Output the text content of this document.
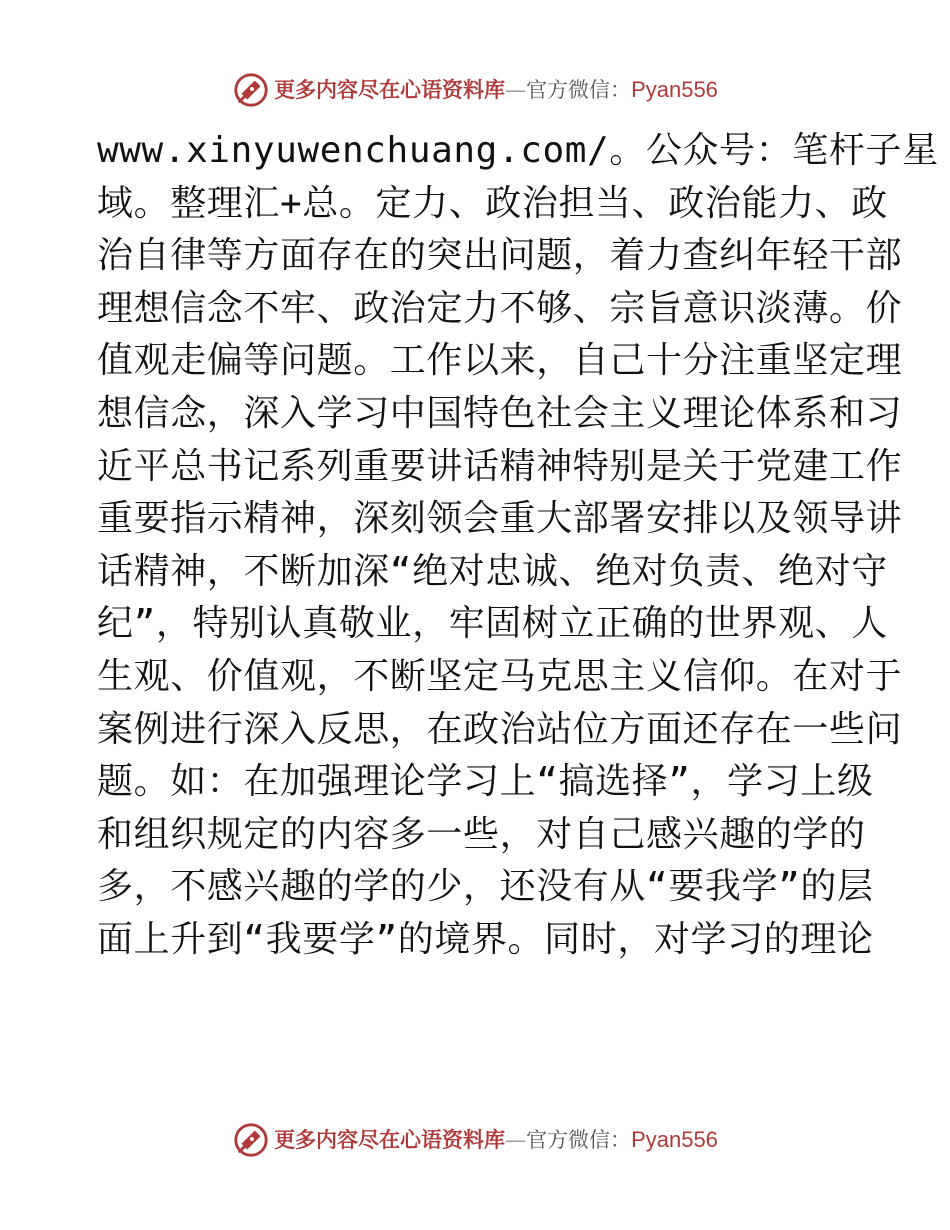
更多内容尽在心语资料库 — 官方微信： Pyan556
www.xinyuwenchuang.com/。公众号：笔杆子星
域。整理汇+总。定力、政治担当、政治能力、政
治自律等方面存在的突出问题，着力查纠年轻干部
理想信念不牢、政治定力不够、宗旨意识淡薄。价
值观走偏等问题。工作以来，自己十分注重坚定理
想信念，深入学习中国特色社会主义理论体系和习
近平总书记系列重要讲话精神特别是关于党建工作
重要指示精神，深刻领会重大部署安排以及领导讲
话精神，不断加深“绝对忠诚、绝对负责、绝对守
纪”，特别认真敬业，牢固树立正确的世界观、人
生观、价值观，不断坚定马克思主义信仰。在对于
案例进行深入反思，在政治站位方面还存在一些问
题。如：在加强理论学习上“搞选择”，学习上级
和组织规定的内容多一些，对自己感兴趣的学的
多，不感兴趣的学的少，还没有从“要我学”的层
面上升到“我要学”的境界。同时，对学习的理论
更多内容尽在心语资料库 — 官方微信： Pyan556
